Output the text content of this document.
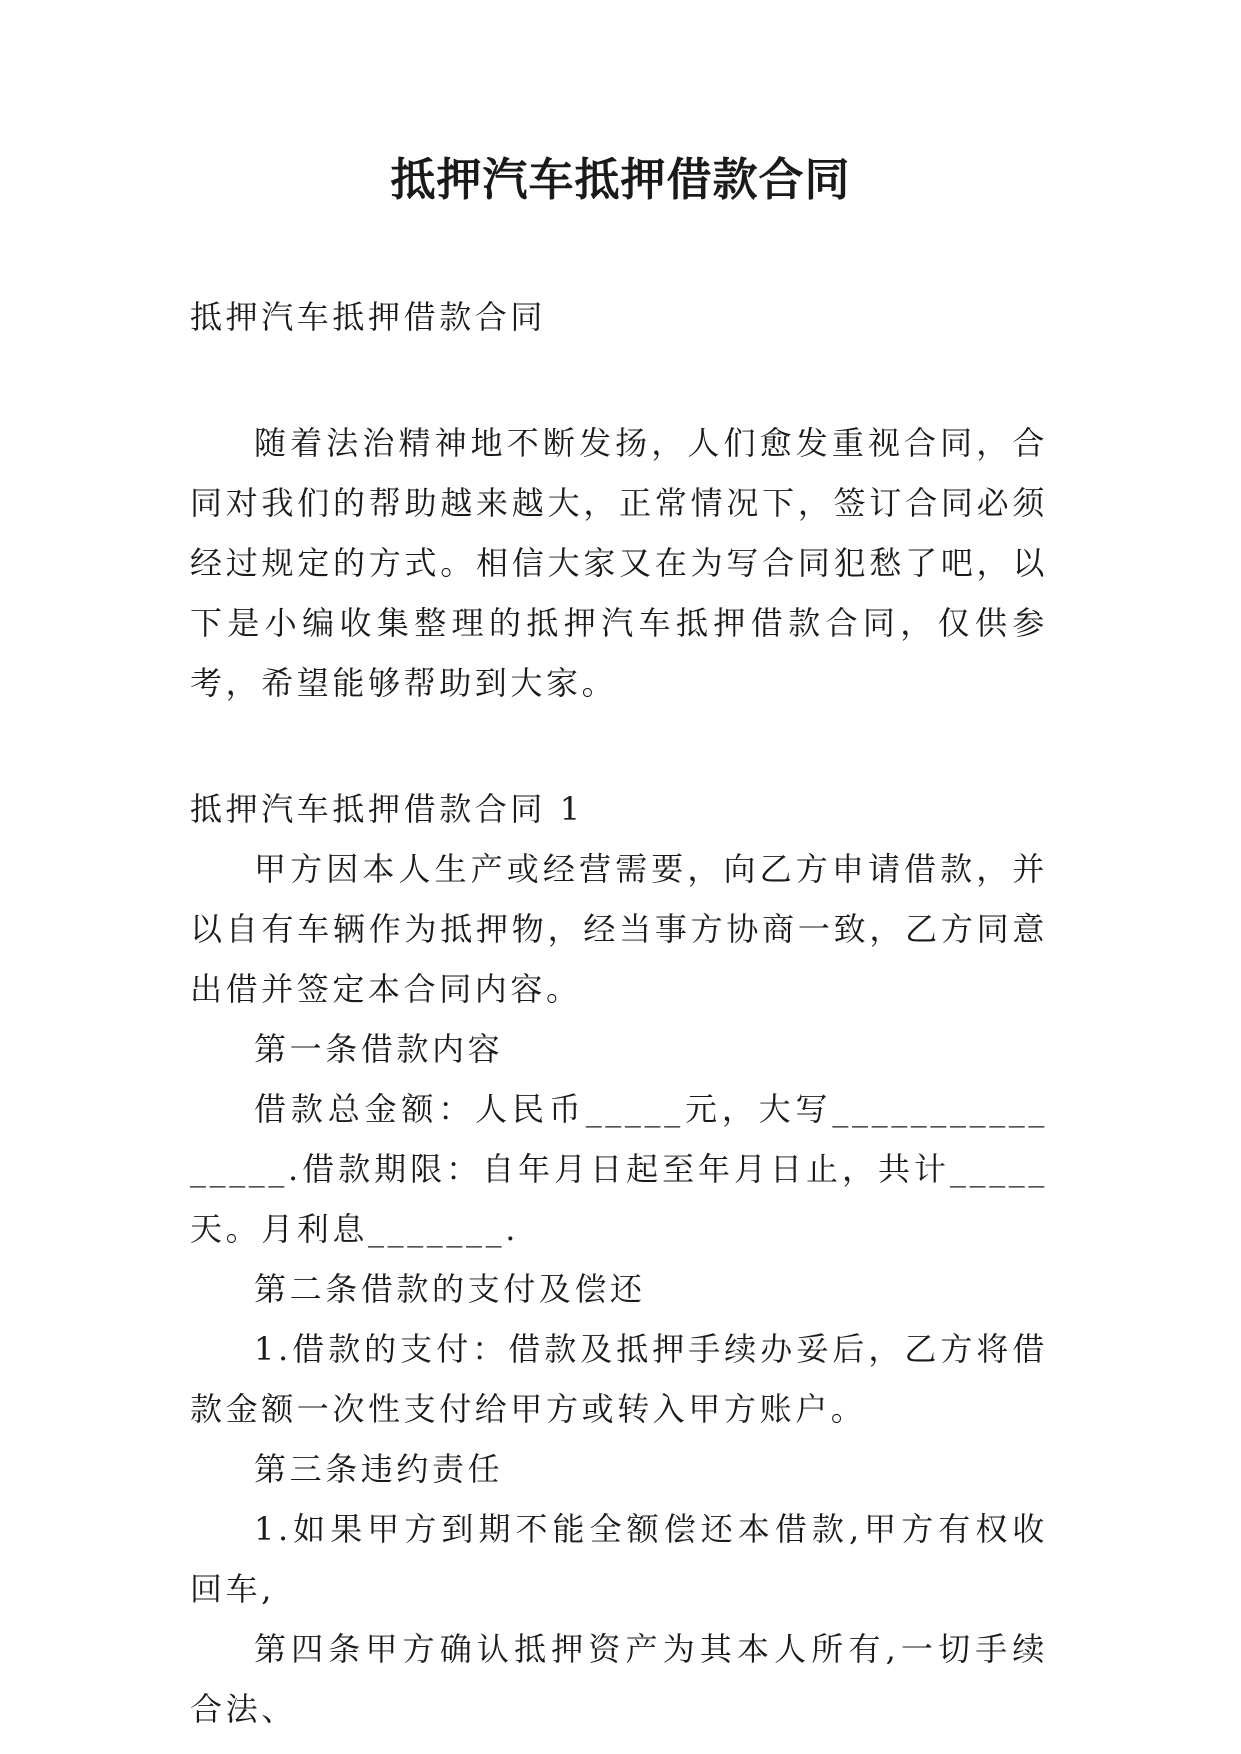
抵押汽车抵押借款合同

抵押汽车抵押借款合同

随着法治精神地不断发扬，人们愈发重视合同，合同对我们的帮助越来越大，正常情况下，签订合同必须经过规定的方式。相信大家又在为写合同犯愁了吧，以下是小编收集整理的抵押汽车抵押借款合同，仅供参考，希望能够帮助到大家。

抵押汽车抵押借款合同 1

甲方因本人生产或经营需要，向乙方申请借款，并以自有车辆作为抵押物，经当事方协商一致，乙方同意出借并签定本合同内容。

第一条借款内容

借款总金额：人民币_____元，大写________________.借款期限：自年月日起至年月日止，共计_____天。月利息_______.

第二条借款的支付及偿还

1.借款的支付：借款及抵押手续办妥后，乙方将借款金额一次性支付给甲方或转入甲方账户。

第三条违约责任

1.如果甲方到期不能全额偿还本借款,甲方有权收回车,

第四条甲方确认抵押资产为其本人所有,一切手续合法、
